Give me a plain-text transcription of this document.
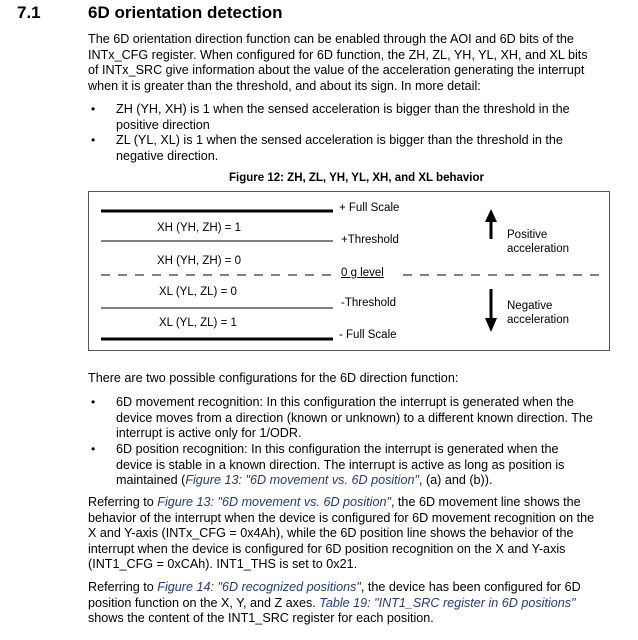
7.1	6D orientation detection
The 6D orientation direction function can be enabled through the AOI and 6D bits of the
INTx_CFG register. When configured for 6D function, the ZH, ZL, YH, YL, XH, and XL bits
of INTx_SRC give information about the value of the acceleration generating the interrupt
when it is greater than the threshold, and about its sign. In more detail:
• ZH (YH, XH) is 1 when the sensed acceleration is bigger than the threshold in the
positive direction
• ZL (YL, XL) is 1 when the sensed acceleration is bigger than the threshold in the
negative direction.
Figure 12: ZH, ZL, YH, YL, XH, and XL behavior
+ Full Scale
+Threshold
0 g level
-Threshold
- Full Scale
XH (YH, ZH) = 1
XH (YH, ZH) = 0
XL (YL, ZL) = 0
XL (YL, ZL) = 1
Positive
acceleration
Negative
acceleration
There are two possible configurations for the 6D direction function:
• 6D movement recognition: In this configuration the interrupt is generated when the
device moves from a direction (known or unknown) to a different known direction. The
interrupt is active only for 1/ODR.
• 6D position recognition: In this configuration the interrupt is generated when the
device is stable in a known direction. The interrupt is active as long as position is
maintained (Figure 13: "6D movement vs. 6D position", (a) and (b)).
Referring to Figure 13: "6D movement vs. 6D position", the 6D movement line shows the
behavior of the interrupt when the device is configured for 6D movement recognition on the
X and Y-axis (INTx_CFG = 0x4Ah), while the 6D position line shows the behavior of the
interrupt when the device is configured for 6D position recognition on the X and Y-axis
(INT1_CFG = 0xCAh). INT1_THS is set to 0x21.
Referring to Figure 14: "6D recognized positions", the device has been configured for 6D
position function on the X, Y, and Z axes. Table 19: "INT1_SRC register in 6D positions"
shows the content of the INT1_SRC register for each position.
